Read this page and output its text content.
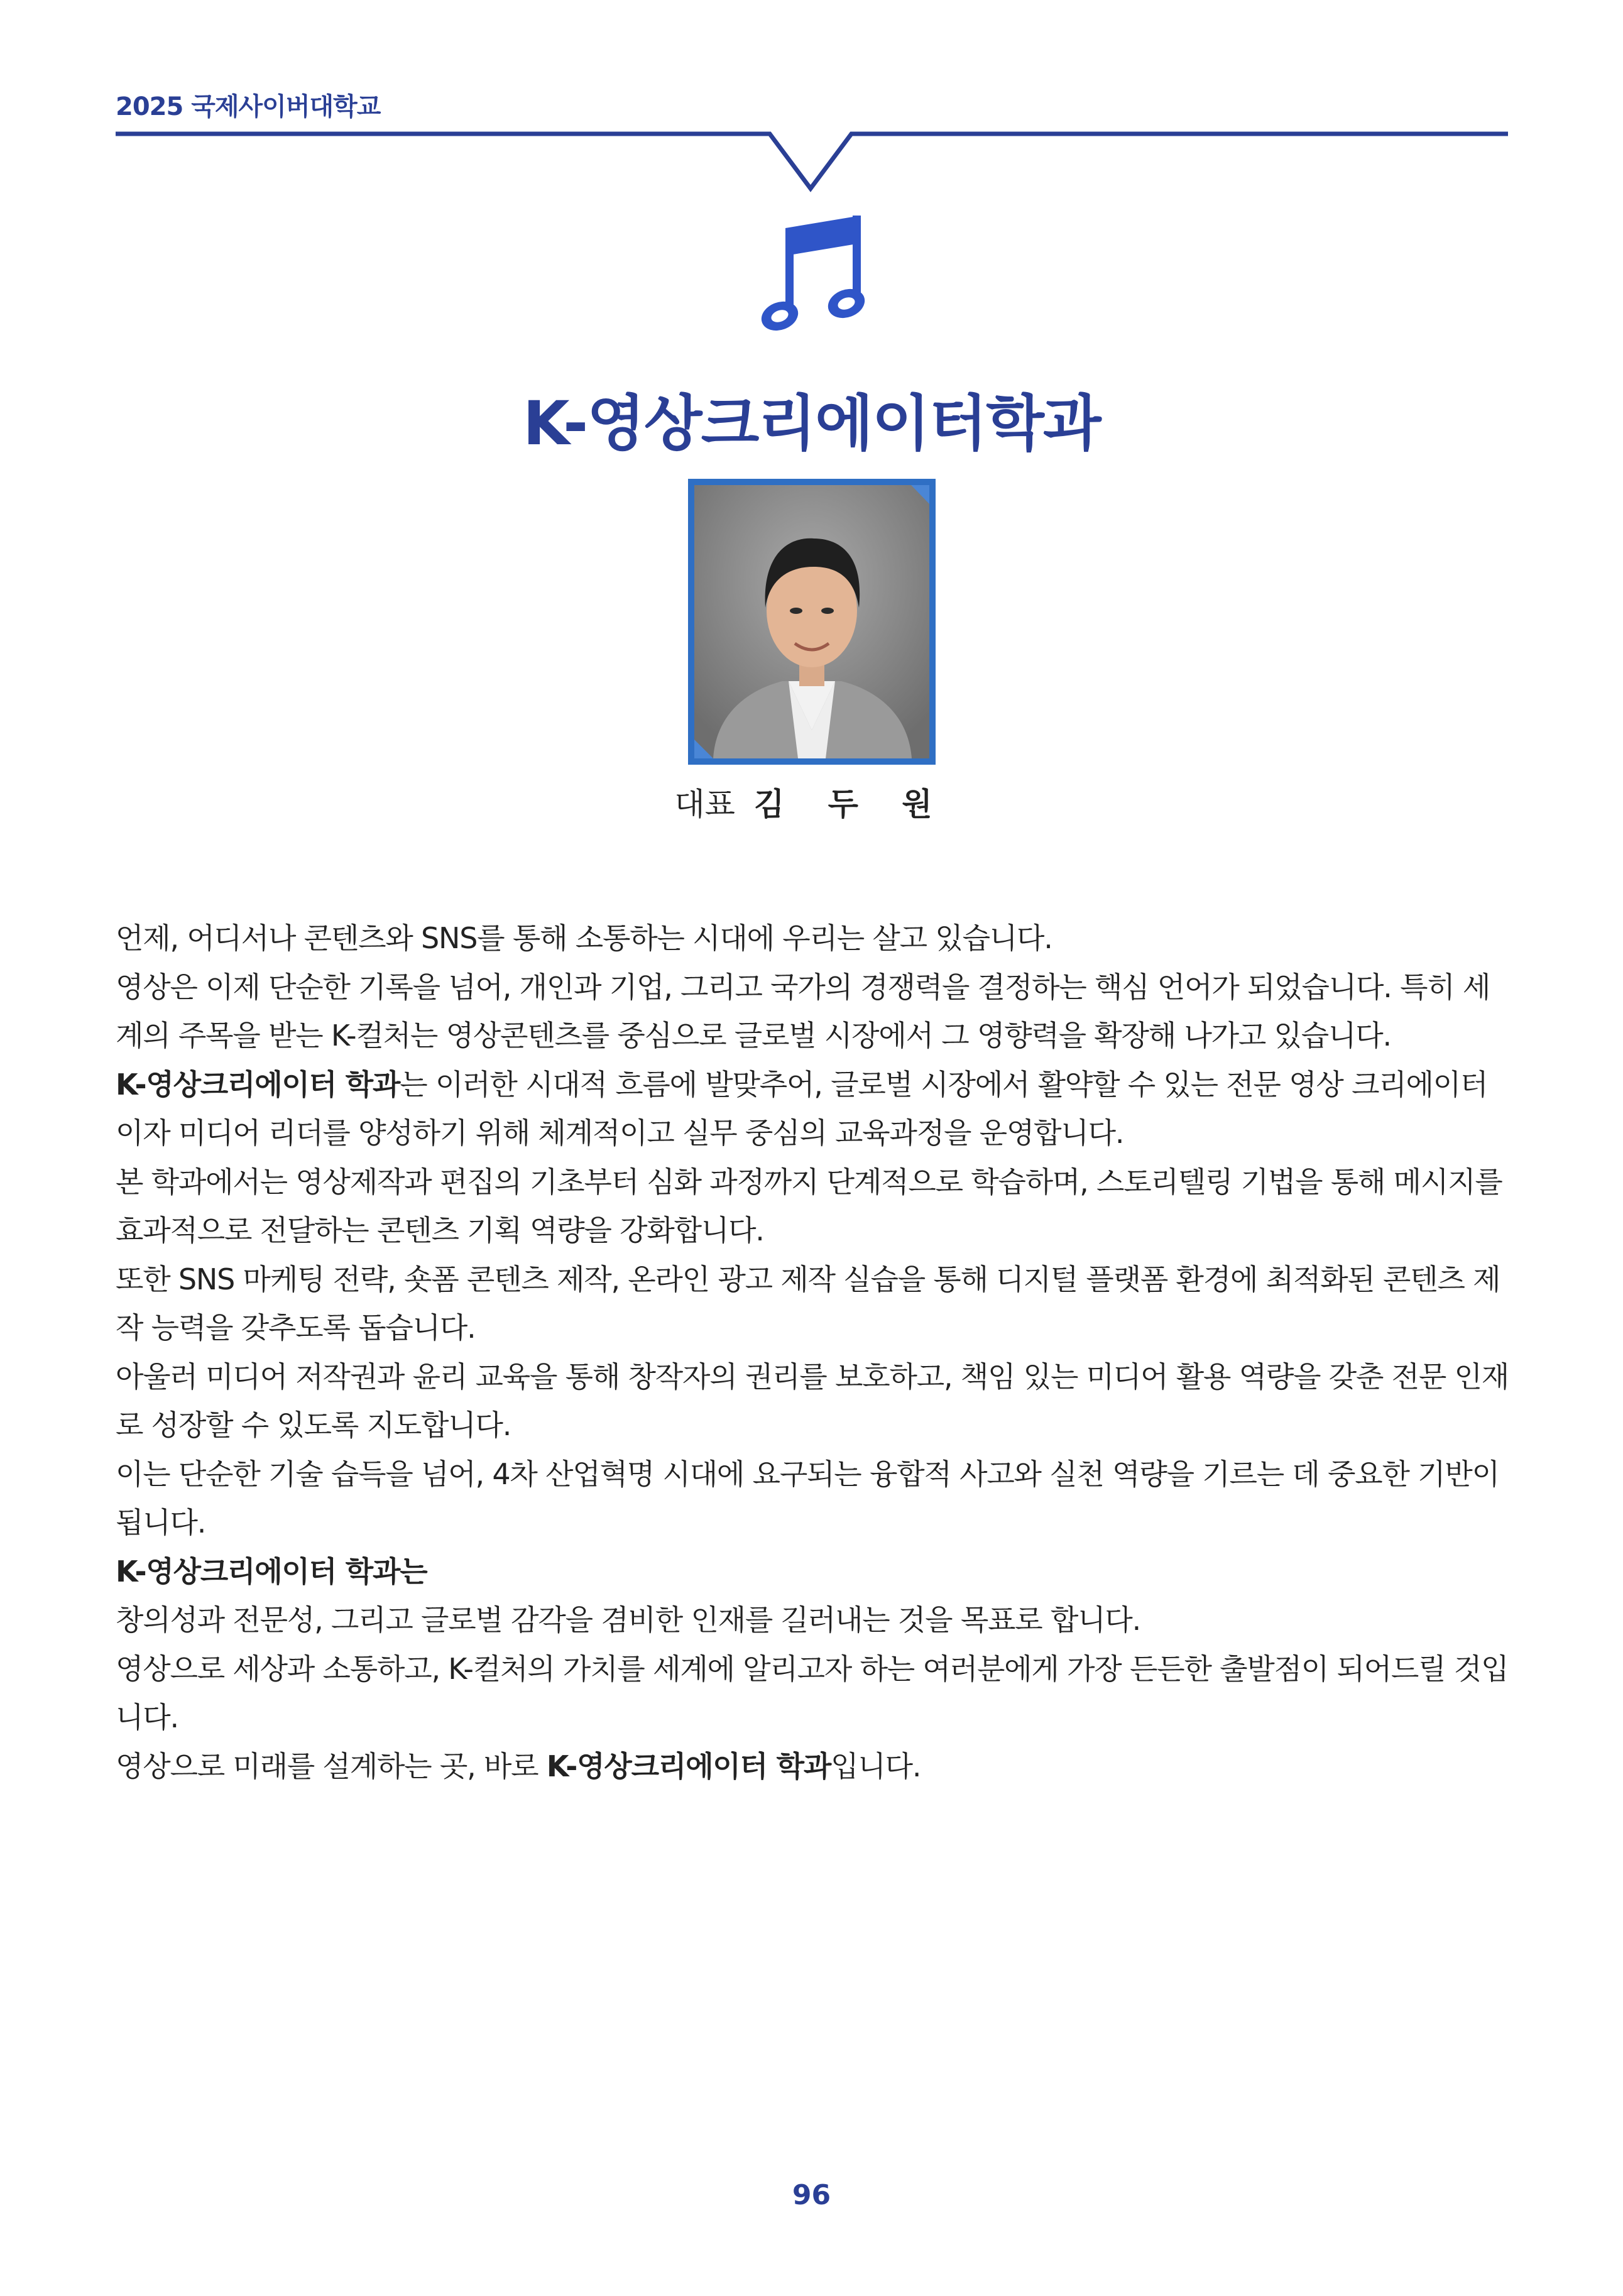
2025 국제사이버대학교
K-영상크리에이터학과
대표 김 두 원

언제, 어디서나 콘텐츠와 SNS를 통해 소통하는 시대에 우리는 살고 있습니다.

영상은 이제 단순한 기록을 넘어, 개인과 기업, 그리고 국가의 경쟁력을 결정하는 핵심 언어가 되었습니다. 특히 세계의 주목을 받는 K-컬처는 영상콘텐츠를 중심으로 글로벌 시장에서 그 영향력을 확장해 나가고 있습니다.

K-영상크리에이터 학과는 이러한 시대적 흐름에 발맞추어, 글로벌 시장에서 활약할 수 있는 전문 영상 크리에이터이자 미디어 리더를 양성하기 위해 체계적이고 실무 중심의 교육과정을 운영합니다.

본 학과에서는 영상제작과 편집의 기초부터 심화 과정까지 단계적으로 학습하며, 스토리텔링 기법을 통해 메시지를 효과적으로 전달하는 콘텐츠 기획 역량을 강화합니다.

또한 SNS 마케팅 전략, 숏폼 콘텐츠 제작, 온라인 광고 제작 실습을 통해 디지털 플랫폼 환경에 최적화된 콘텐츠 제작 능력을 갖추도록 돕습니다.

아울러 미디어 저작권과 윤리 교육을 통해 창작자의 권리를 보호하고, 책임 있는 미디어 활용 역량을 갖춘 전문 인재로 성장할 수 있도록 지도합니다.

이는 단순한 기술 습득을 넘어, 4차 산업혁명 시대에 요구되는 융합적 사고와 실천 역량을 기르는 데 중요한 기반이 됩니다.

K-영상크리에이터 학과는

창의성과 전문성, 그리고 글로벌 감각을 겸비한 인재를 길러내는 것을 목표로 합니다.

영상으로 세상과 소통하고, K-컬처의 가치를 세계에 알리고자 하는 여러분에게 가장 든든한 출발점이 되어드릴 것입니다.

영상으로 미래를 설계하는 곳, 바로 K-영상크리에이터 학과입니다.

96
